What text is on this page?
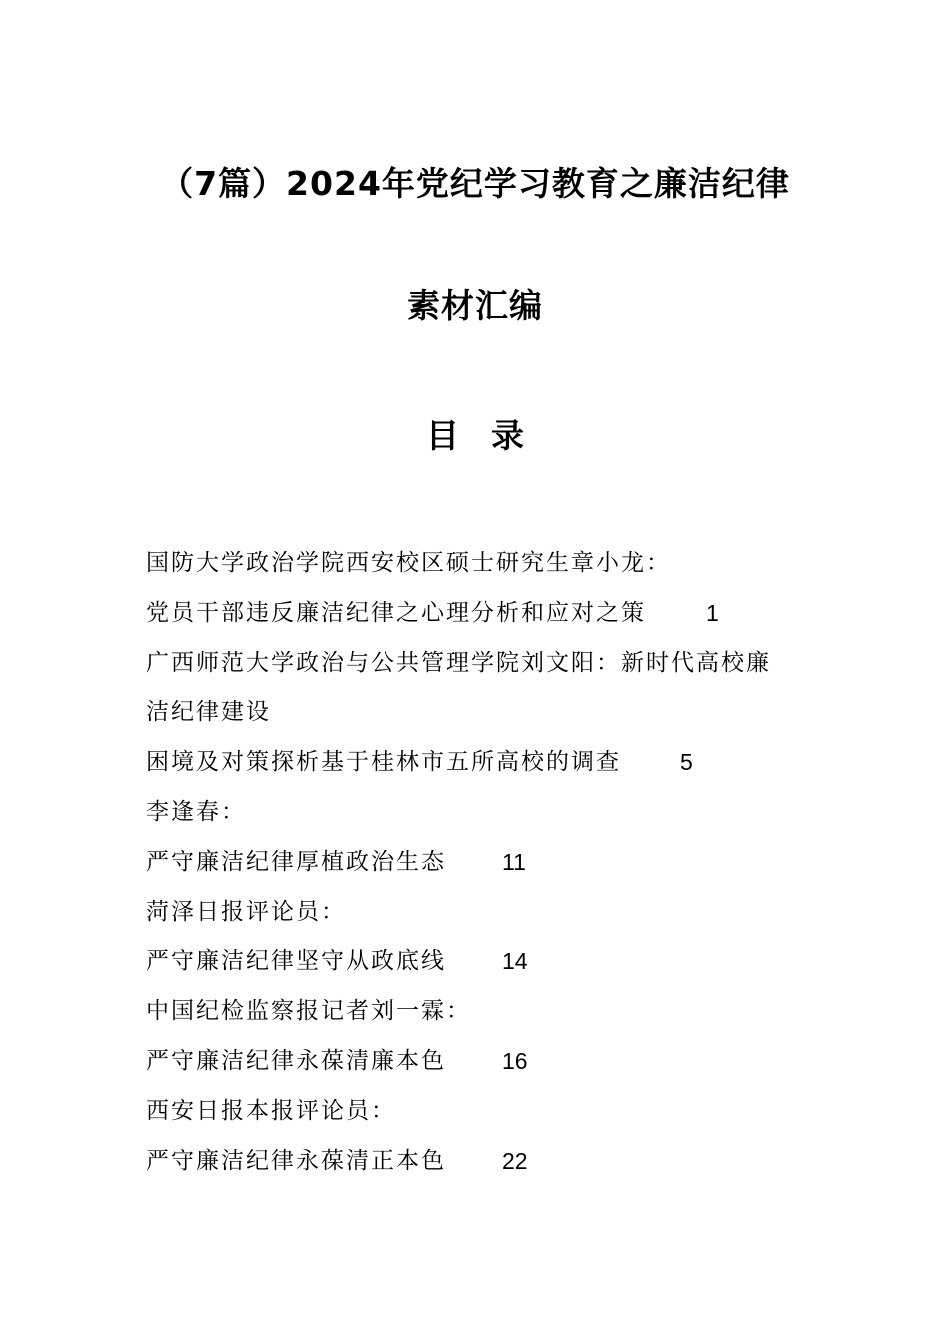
（7篇）2024年党纪学习教育之廉洁纪律
素材汇编
目录
国防大学政治学院西安校区硕士研究生章小龙：
党员干部违反廉洁纪律之心理分析和应对之策	1
广西师范大学政治与公共管理学院刘文阳：新时代高校廉
洁纪律建设
困境及对策探析基于桂林市五所高校的调查	5
李逢春：
严守廉洁纪律厚植政治生态 11
菏泽日报评论员：
严守廉洁纪律坚守从政底线 14
中国纪检监察报记者刘一霖：
严守廉洁纪律永葆清廉本色 16
西安日报本报评论员：
严守廉洁纪律永葆清正本色 22
